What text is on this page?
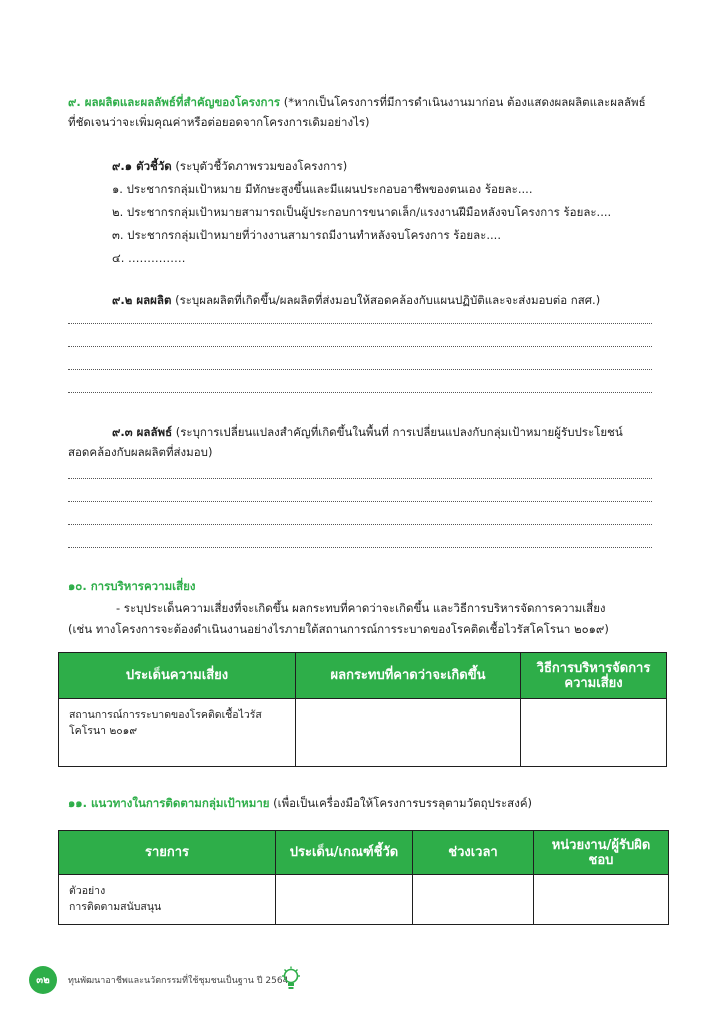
๙. ผลผลิตและผลลัพธ์ที่สำคัญของโครงการ (*หากเป็นโครงการที่มีการดำเนินงานมาก่อน ต้องแสดงผลผลิตและผลลัพธ์
ที่ชัดเจนว่าจะเพิ่มคุณค่าหรือต่อยอดจากโครงการเดิมอย่างไร)
๙.๑ ตัวชี้วัด (ระบุตัวชี้วัดภาพรวมของโครงการ)
๑. ประชากรกลุ่มเป้าหมาย มีทักษะสูงขึ้นและมีแผนประกอบอาชีพของตนเอง ร้อยละ....
๒. ประชากรกลุ่มเป้าหมายสามารถเป็นผู้ประกอบการขนาดเล็ก/แรงงานฝีมือหลังจบโครงการ ร้อยละ....
๓. ประชากรกลุ่มเป้าหมายที่ว่างงานสามารถมีงานทำหลังจบโครงการ ร้อยละ....
๔. ……………
๙.๒ ผลผลิต (ระบุผลผลิตที่เกิดขึ้น/ผลผลิตที่ส่งมอบให้สอดคล้องกับแผนปฏิบัติและจะส่งมอบต่อ กสศ.)
๙.๓ ผลลัพธ์ (ระบุการเปลี่ยนแปลงสำคัญที่เกิดขึ้นในพื้นที่ การเปลี่ยนแปลงกับกลุ่มเป้าหมายผู้รับประโยชน์
สอดคล้องกับผลผลิตที่ส่งมอบ)
๑๐. การบริหารความเสี่ยง
- ระบุประเด็นความเสี่ยงที่จะเกิดขึ้น ผลกระทบที่คาดว่าจะเกิดขึ้น และวิธีการบริหารจัดการความเสี่ยง
(เช่น ทางโครงการจะต้องดำเนินงานอย่างไรภายใต้สถานการณ์การระบาดของโรคติดเชื้อไวรัสโคโรนา ๒๐๑๙)
ประเด็นความเสี่ยง	ผลกระทบที่คาดว่าจะเกิดขึ้น	วิธีการบริหารจัดการความเสี่ยง

สถานการณ์การระบาดของโรคติดเชื้อไวรัส
โคโรนา ๒๐๑๙		

๑๑. แนวทางในการติดตามกลุ่มเป้าหมาย (เพื่อเป็นเครื่องมือให้โครงการบรรลุตามวัตถุประสงค์)
รายการ	ประเด็น/เกณฑ์ชี้วัด	ช่วงเวลา	หน่วยงาน/ผู้รับผิดชอบ

ตัวอย่าง
การติดตามสนับสนุน			

๓๒ ทุนพัฒนาอาชีพและนวัตกรรมที่ใช้ชุมชนเป็นฐาน ปี 2564
